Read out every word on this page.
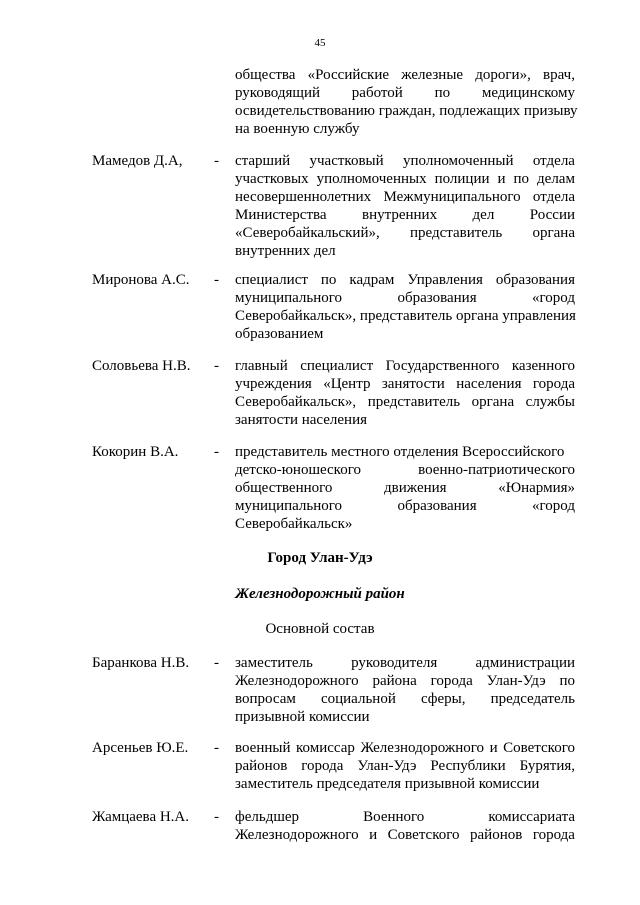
45
общества «Российские железные дороги», врач,
руководящий работой по медицинскому
освидетельствованию граждан, подлежащих призыву
на военную службу
Мамедов Д.А, - старший участковый уполномоченный отдела
участковых уполномоченных полиции и по делам
несовершеннолетних Межмуниципального отдела
Министерства внутренних дел России
«Северобайкальский», представитель органа
внутренних дел
Миронова А.С. - специалист по кадрам Управления образования
муниципального	образования	«город
Северобайкальск», представитель органа управления
образованием
Соловьева Н.В. - главный специалист Государственного казенного
учреждения «Центр занятости населения города
Северобайкальск», представитель органа службы
занятости населения
Кокорин В.А. - представитель местного отделения Всероссийского
детско-юношеского	военно-патриотического
общественного	движения	«Юнармия»
муниципального	образования	«город
Северобайкальск»
Город Улан-Удэ
Железнодорожный район
Основной состав
Баранкова Н.В. - заместитель	руководителя	администрации
Железнодорожного района города Улан-Удэ по
вопросам социальной сферы, председатель
призывной комиссии
Арсеньев Ю.Е. - военный комиссар Железнодорожного и Советского
районов города Улан-Удэ Республики Бурятия,
заместитель председателя призывной комиссии
Жамцаева Н.А. - фельдшер	Военного	комиссариата
Железнодорожного и Советского районов города
